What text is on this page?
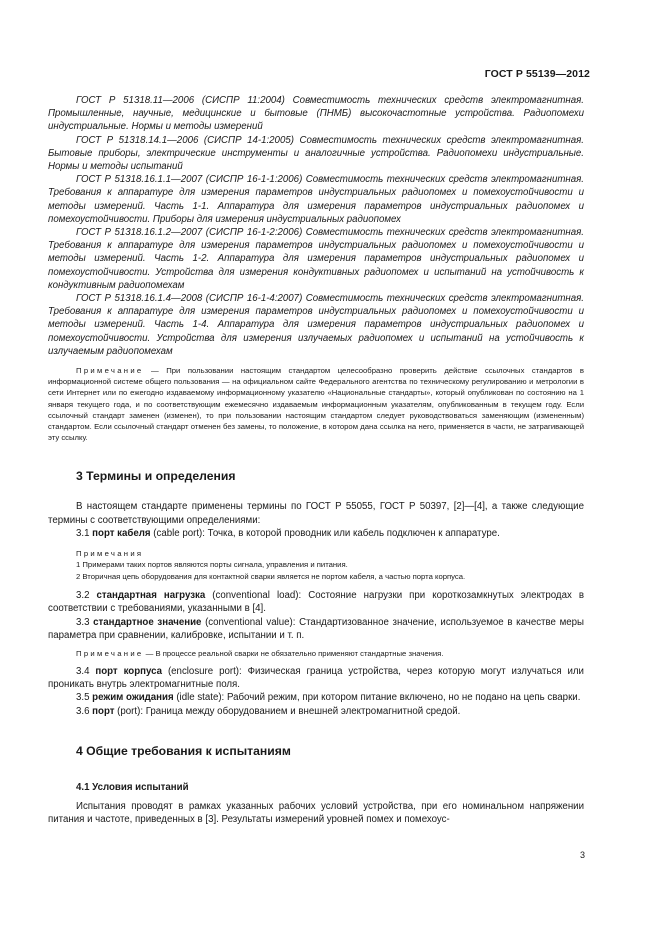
ГОСТ Р 55139—2012

ГОСТ Р 51318.11—2006 (СИСПР 11:2004) Совместимость технических средств электромагнитная. Промышленные, научные, медицинские и бытовые (ПНМБ) высокочастотные устройства. Радиопомехи индустриальные. Нормы и методы измерений

ГОСТ Р 51318.14.1—2006 (СИСПР 14-1:2005) Совместимость технических средств электромагнитная. Бытовые приборы, электрические инструменты и аналогичные устройства. Радиопомехи индустриальные. Нормы и методы испытаний

ГОСТ Р 51318.16.1.1—2007 (СИСПР 16-1-1:2006) Совместимость технических средств электромагнитная. Требования к аппаратуре для измерения параметров индустриальных радиопомех и помехоустойчивости и методы измерений. Часть 1-1. Аппаратура для измерения параметров индустриальных радиопомех и помехоустойчивости. Приборы для измерения индустриальных радиопомех

ГОСТ Р 51318.16.1.2—2007 (СИСПР 16-1-2:2006) Совместимость технических средств электромагнитная. Требования к аппаратуре для измерения параметров индустриальных радиопомех и помехоустойчивости и методы измерений. Часть 1-2. Аппаратура для измерения параметров индустриальных радиопомех и помехоустойчивости. Устройства для измерения кондуктивных радиопомех и испытаний на устойчивость к кондуктивным радиопомехам

ГОСТ Р 51318.16.1.4—2008 (СИСПР 16-1-4:2007) Совместимость технических средств электромагнитная. Требования к аппаратуре для измерения параметров индустриальных радиопомех и помехоустойчивости и методы измерений. Часть 1-4. Аппаратура для измерения параметров индустриальных радиопомех и помехоустойчивости. Устройства для измерения излучаемых радиопомех и испытаний на устойчивость к излучаемым радиопомехам

Примечание — При пользовании настоящим стандартом целесообразно проверить действие ссылочных стандартов в информационной системе общего пользования — на официальном сайте Федерального агентства по техническому регулированию и метрологии в сети Интернет или по ежегодно издаваемому информационному указателю «Национальные стандарты», который опубликован по состоянию на 1 января текущего года, и по соответствующим ежемесячно издаваемым информационным указателям, опубликованным в текущем году. Если ссылочный стандарт заменен (изменен), то при пользовании настоящим стандартом следует руководствоваться заменяющим (измененным) стандартом. Если ссылочный стандарт отменен без замены, то положение, в котором дана ссылка на него, применяется в части, не затрагивающей эту ссылку.
3 Термины и определения

В настоящем стандарте применены термины по ГОСТ Р 55055, ГОСТ Р 50397, [2]—[4], а также следующие термины с соответствующими определениями:

3.1 порт кабеля (cable port): Точка, в которой проводник или кабель подключен к аппаратуре.

Примечания

1 Примерами таких портов являются порты сигнала, управления и питания.

2 Вторичная цепь оборудования для контактной сварки является не портом кабеля, а частью порта корпуса.

3.2 стандартная нагрузка (conventional load): Состояние нагрузки при короткозамкнутых электродах в соответствии с требованиями, указанными в [4].

3.3 стандартное значение (conventional value): Стандартизованное значение, используемое в качестве меры параметра при сравнении, калибровке, испытании и т. п.

Примечание — В процессе реальной сварки не обязательно применяют стандартные значения.

3.4 порт корпуса (enclosure port): Физическая граница устройства, через которую могут излучаться или проникать внутрь электромагнитные поля.

3.5 режим ожидания (idle state): Рабочий режим, при котором питание включено, но не подано на цепь сварки.

3.6 порт (port): Граница между оборудованием и внешней электромагнитной средой.

4 Общие требования к испытаниям
4.1 Условия испытаний

Испытания проводят в рамках указанных рабочих условий устройства, при его номинальном напряжении питания и частоте, приведенных в [3]. Результаты измерений уровней помех и помехоус-

3
